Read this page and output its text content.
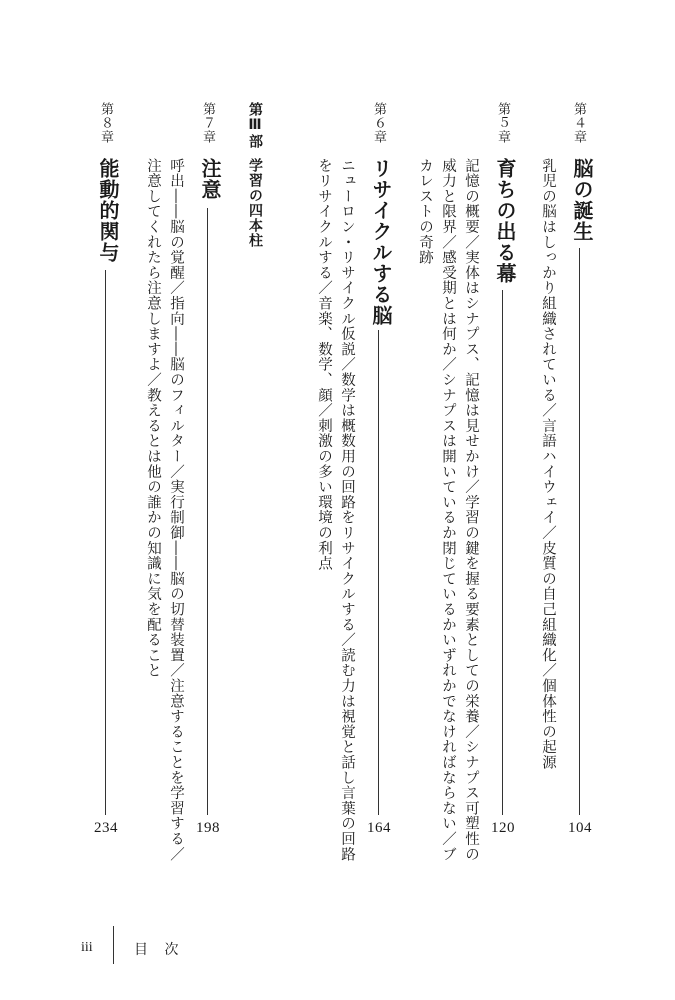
第４章
脳の誕生
乳児の脳はしっかり組織されている／言語ハイウェイ／皮質の自己組織化／個体性の起源
104
第５章
育ちの出る幕
記憶の概要／実体はシナプス、記憶は見せかけ／学習の鍵を握る要素としての栄養／シナプス可塑性の
威力と限界／感受期とは何か／シナプスは開いているか閉じているかいずれかでなければならない／ブ
カレストの奇跡
120
第６章
リサイクルする脳
ニューロン・リサイクル仮説／数学は概数用の回路をリサイクルする／読む力は視覚と話し言葉の回路
をリサイクルする／音楽、数学、顔／刺激の多い環境の利点
164
第Ⅲ部
学習の四本柱
第７章
注意
呼出――脳の覚醒／指向――脳のフィルター／実行制御――脳の切替装置／注意することを学習する／
注意してくれたら注意しますよ／教えるとは他の誰かの知識に気を配ること
198
第８章
能動的関与
234
iii	目 次
